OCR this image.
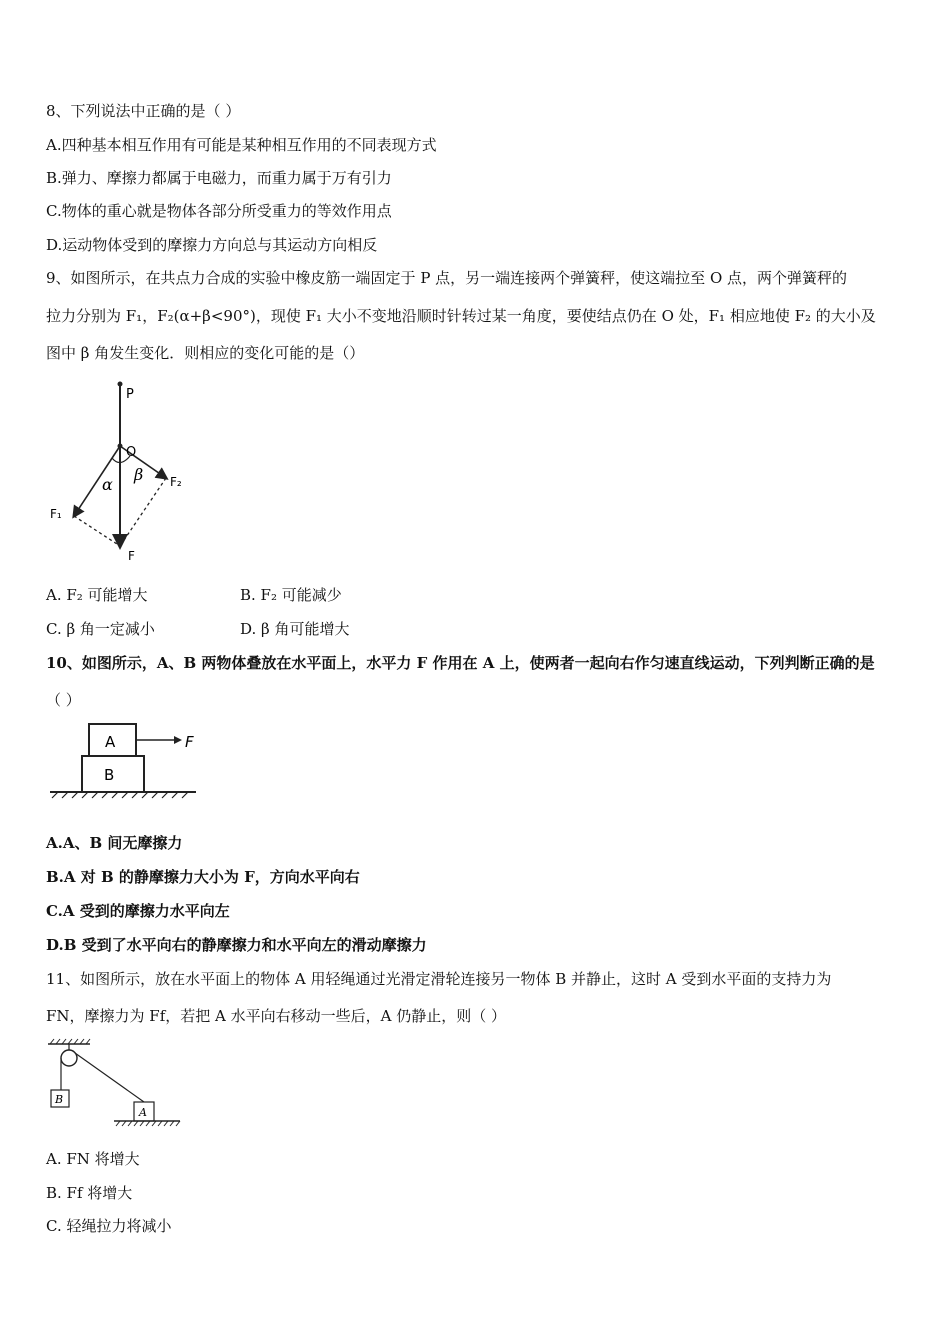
8、下列说法中正确的是（ ）
A.四种基本相互作用有可能是某种相互作用的不同表现方式
B.弹力、摩擦力都属于电磁力，而重力属于万有引力
C.物体的重心就是物体各部分所受重力的等效作用点
D.运动物体受到的摩擦力方向总与其运动方向相反
9、如图所示，在共点力合成的实验中橡皮筋一端固定于 P 点，另一端连接两个弹簧秤，使这端拉至 O 点，两个弹簧秤的
拉力分别为 F₁，F₂(α+β<90°)，现使 F₁ 大小不变地沿顺时针转过某一角度，要使结点仍在 O 处，F₁ 相应地使 F₂ 的大小及
图中 β 角发生变化．则相应的变化可能的是（）
P
O
F₂
F₁
F
α
β
A. F₂ 可能增大	B. F₂ 可能减少
C. β 角一定减小	D. β 角可能增大
10、如图所示，A、B 两物体叠放在水平面上，水平力 F 作用在 A 上，使两者一起向右作匀速直线运动，下列判断正确的是
（ ）
A
B
F
A.A、B 间无摩擦力
B.A 对 B 的静摩擦力大小为 F，方向水平向右
C.A 受到的摩擦力水平向左
D.B 受到了水平向右的静摩擦力和水平向左的滑动摩擦力
11、如图所示，放在水平面上的物体 A 用轻绳通过光滑定滑轮连接另一物体 B 并静止，这时 A 受到水平面的支持力为
FN，摩擦力为 Ff，若把 A 水平向右移动一些后，A 仍静止，则（ ）
B
A
A. FN 将增大
B. Ff 将增大
C. 轻绳拉力将减小
